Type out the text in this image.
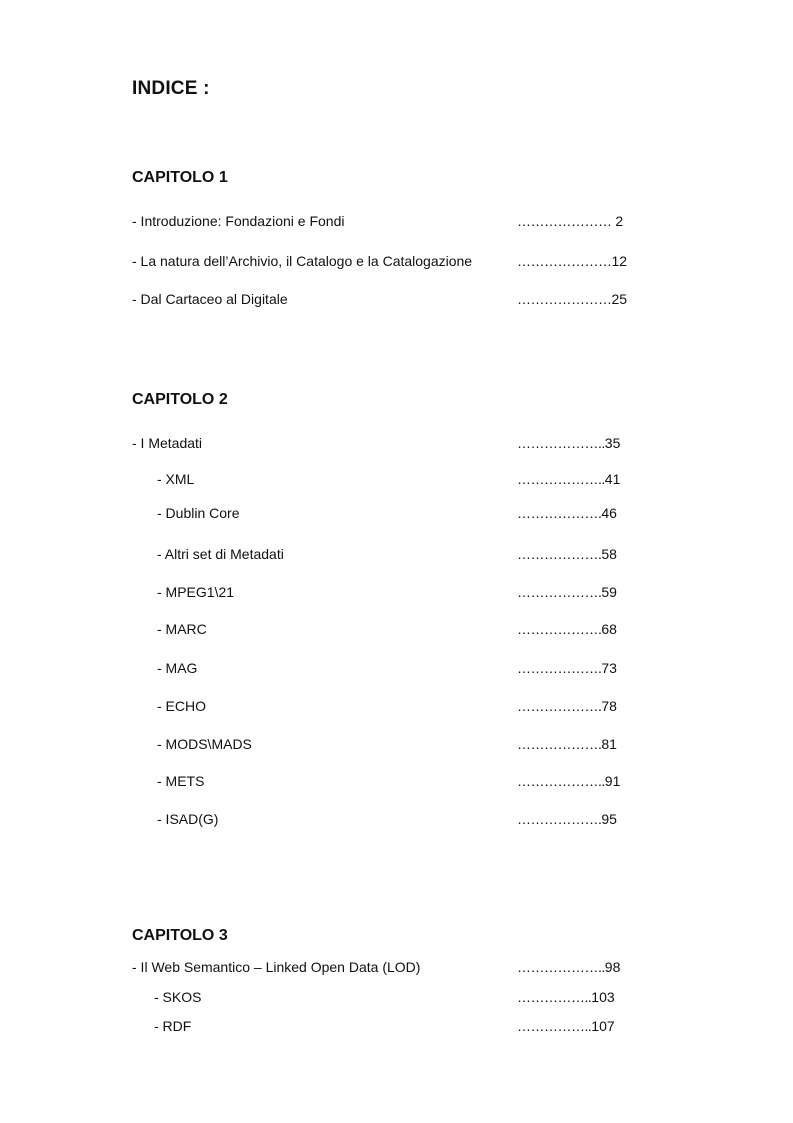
INDICE :
CAPITOLO 1
- Introduzione: Fondazioni e Fondi	………………… 2
- La natura dell’Archivio, il Catalogo e la Catalogazione	…………………12
- Dal Cartaceo al Digitale	…………………25
CAPITOLO 2
- I Metadati	………………..35
- XML	………………..41
- Dublin Core	……………….46
- Altri set di Metadati	……………….58
- MPEG1\21	……………….59
- MARC	……………….68
- MAG	……………….73
- ECHO	……………….78
- MODS\MADS	……………….81
- METS	………………..91
- ISAD(G)	……………….95
CAPITOLO 3
- Il Web Semantico – Linked Open Data (LOD)	………………..98
- SKOS	……………..103
- RDF	……………..107
